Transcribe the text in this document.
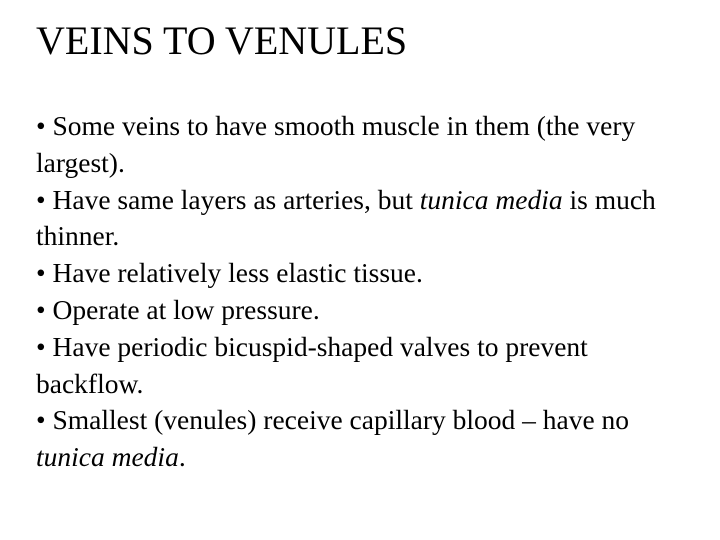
VEINS TO VENULES
• Some veins to have smooth muscle in them (the very largest).
• Have same layers as arteries, but tunica media is much thinner.
• Have relatively less elastic tissue.
• Operate at low pressure.
• Have periodic bicuspid-shaped valves to prevent backflow.
• Smallest (venules) receive capillary blood – have no tunica media.
